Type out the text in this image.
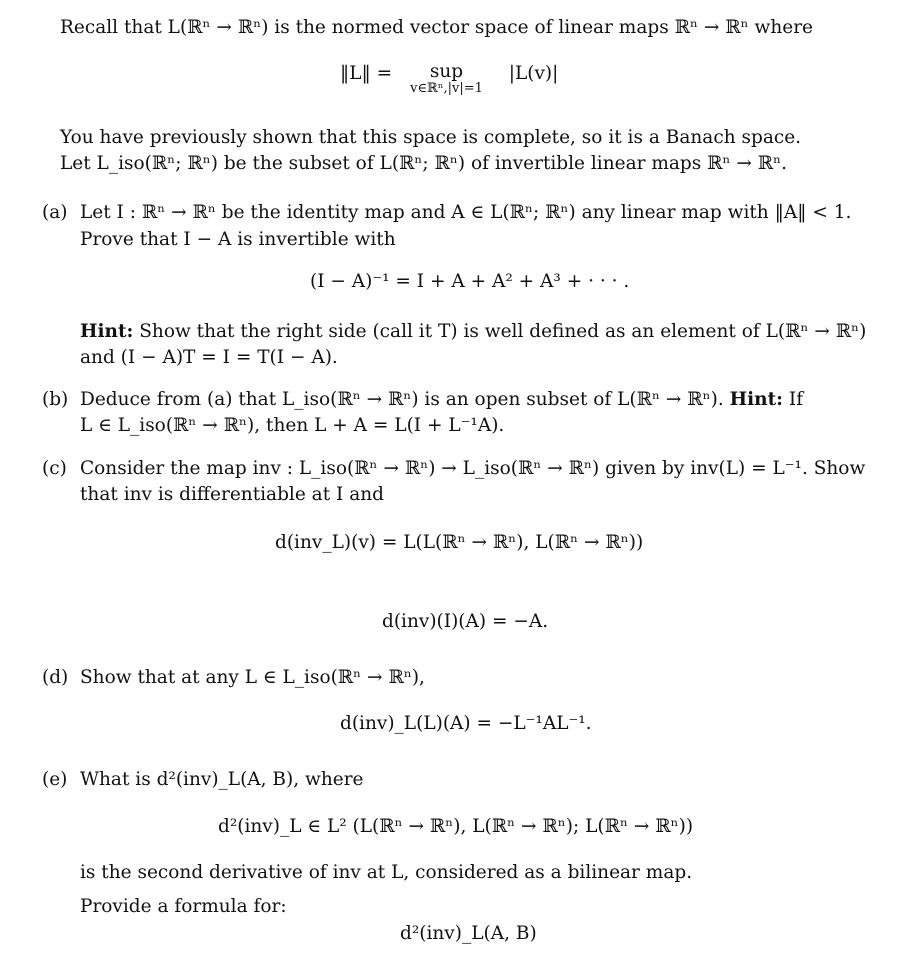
Recall that L(ℝⁿ → ℝⁿ) is the normed vector space of linear maps ℝⁿ → ℝⁿ where
‖L‖ =	sup
v∈ℝⁿ,|v|=1
|L(v)|
You have previously shown that this space is complete, so it is a Banach space.
Let L_iso(ℝⁿ; ℝⁿ) be the subset of L(ℝⁿ; ℝⁿ) of invertible linear maps ℝⁿ → ℝⁿ.
(a) Let I : ℝⁿ → ℝⁿ be the identity map and A ∈ L(ℝⁿ; ℝⁿ) any linear map with ‖A‖ < 1.
Prove that I − A is invertible with
(I − A)⁻¹ = I + A + A² + A³ + · · · .
Hint: Show that the right side (call it T) is well defined as an element of L(ℝⁿ → ℝⁿ)
and (I − A)T = I = T(I − A).
(b) Deduce from (a) that L_iso(ℝⁿ → ℝⁿ) is an open subset of L(ℝⁿ → ℝⁿ). Hint: If
L ∈ L_iso(ℝⁿ → ℝⁿ), then L + A = L(I + L⁻¹A).
(c) Consider the map inv : L_iso(ℝⁿ → ℝⁿ) → L_iso(ℝⁿ → ℝⁿ) given by inv(L) = L⁻¹. Show
that inv is differentiable at I and
d(inv_L)(v) = L(L(ℝⁿ → ℝⁿ), L(ℝⁿ → ℝⁿ))
d(inv)(I)(A) = −A.
(d) Show that at any L ∈ L_iso(ℝⁿ → ℝⁿ),
d(inv)_L(L)(A) = −L⁻¹AL⁻¹.
(e) What is d²(inv)_L(A, B), where
d²(inv)_L ∈ L² (L(ℝⁿ → ℝⁿ), L(ℝⁿ → ℝⁿ); L(ℝⁿ → ℝⁿ))
is the second derivative of inv at L, considered as a bilinear map.
Provide a formula for:
d²(inv)_L(A, B)
